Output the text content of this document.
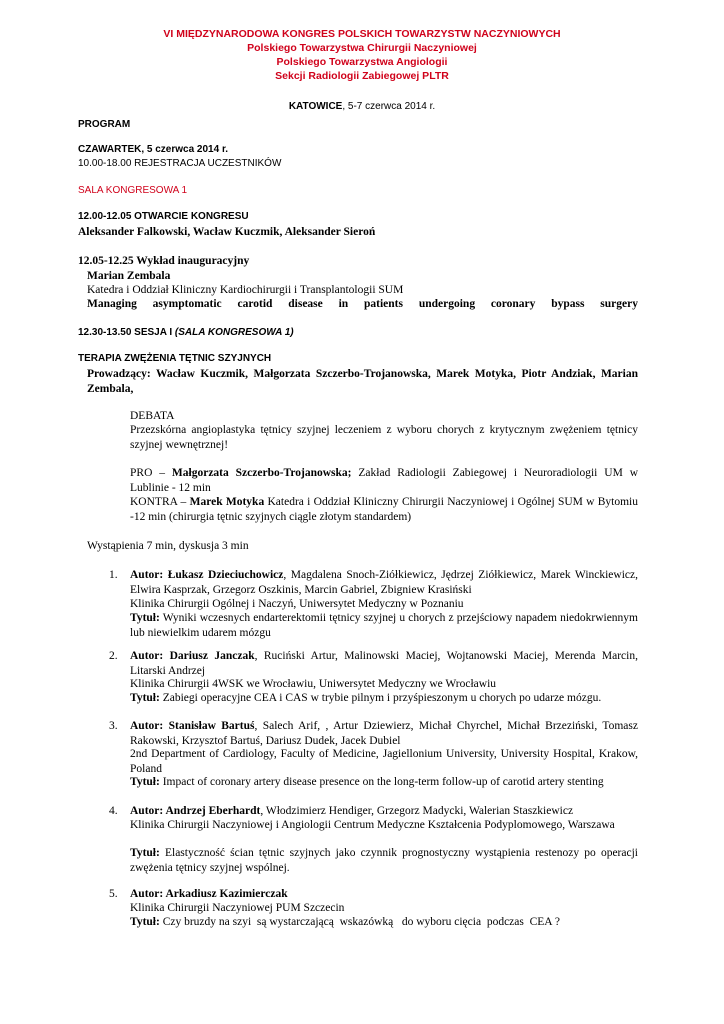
VI MIĘDZYNARODOWA KONGRES POLSKICH TOWARZYSTW NACZYNIOWYCH
Polskiego Towarzystwa Chirurgii Naczyniowej
Polskiego Towarzystwa Angiologii
Sekcji Radiologii Zabiegowej PLTR
KATOWICE, 5-7 czerwca 2014 r.
PROGRAM
CZAWARTEK, 5 czerwca 2014 r.
10.00-18.00 REJESTRACJA UCZESTNIKÓW
SALA KONGRESOWA 1
12.00-12.05 OTWARCIE KONGRESU
Aleksander Falkowski, Wacław Kuczmik, Aleksander Sieroń
12.05-12.25 Wykład inauguracyjny
Marian Zembala
Katedra i Oddział Kliniczny Kardiochirurgii i Transplantologii SUM
Managing asymptomatic carotid disease in patients undergoing coronary bypass surgery
12.30-13.50 SESJA I (SALA KONGRESOWA 1)
TERAPIA ZWĘŻENIA TĘTNIC SZYJNYCH
Prowadzący: Wacław Kuczmik, Małgorzata Szczerbo-Trojanowska, Marek Motyka, Piotr Andziak, Marian Zembala,
DEBATA
Przezskórna angioplastyka tętnicy szyjnej leczeniem z wyboru chorych z krytycznym zwężeniem tętnicy szyjnej wewnętrznej!
PRO – Małgorzata Szczerbo-Trojanowska; Zakład Radiologii Zabiegowej i Neuroradiologii UM w Lublinie - 12 min
KONTRA – Marek Motyka Katedra i Oddział Kliniczny Chirurgii Naczyniowej i Ogólnej SUM w Bytomiu -12 min (chirurgia tętnic szyjnych ciągle złotym standardem)
Wystąpienia 7 min, dyskusja 3 min
1. Autor: Łukasz Dzieciuchowicz, Magdalena Snoch-Ziółkiewicz, Jędrzej Ziółkiewicz, Marek Winckiewicz, Elwira Kasprzak, Grzegorz Oszkinis, Marcin Gabriel, Zbigniew Krasiński
Klinika Chirurgii Ogólnej i Naczyń, Uniwersytet Medyczny w Poznaniu
Tytuł: Wyniki wczesnych endarterektomii tętnicy szyjnej u chorych z przejściowy napadem niedokrwiennym lub niewielkim udarem mózgu
2. Autor: Dariusz Janczak, Ruciński Artur, Malinowski Maciej, Wojtanowski Maciej, Merenda Marcin, Litarski Andrzej
Klinika Chirurgii 4WSK we Wrocławiu, Uniwersytet Medyczny we Wrocławiu
Tytuł: Zabiegi operacyjne CEA i CAS w trybie pilnym i przyśpieszonym u chorych po udarze mózgu.
3. Autor: Stanisław Bartuś, Salech Arif, , Artur Dziewierz, Michał Chyrchel, Michał Brzeziński, Tomasz Rakowski, Krzysztof Bartuś, Dariusz Dudek, Jacek Dubiel
2nd Department of Cardiology, Faculty of Medicine, Jagiellonium University, University Hospital, Krakow, Poland
Tytuł: Impact of coronary artery disease presence on the long-term follow-up of carotid artery stenting
4. Autor: Andrzej Eberhardt, Włodzimierz Hendiger, Grzegorz Madycki, Walerian Staszkiewicz
Klinika Chirurgii Naczyniowej i Angiologii Centrum Medyczne Kształcenia Podyplomowego, Warszawa
Tytuł: Elastyczność ścian tętnic szyjnych jako czynnik prognostyczny wystąpienia restenozy po operacji zwężenia tętnicy szyjnej wspólnej.
5. Autor: Arkadiusz Kazimierczak
Klinika Chirurgii Naczyniowej PUM Szczecin
Tytuł: Czy bruzdy na szyi  są wystarczającą  wskazówką   do wyboru cięcia  podczas  CEA ?
